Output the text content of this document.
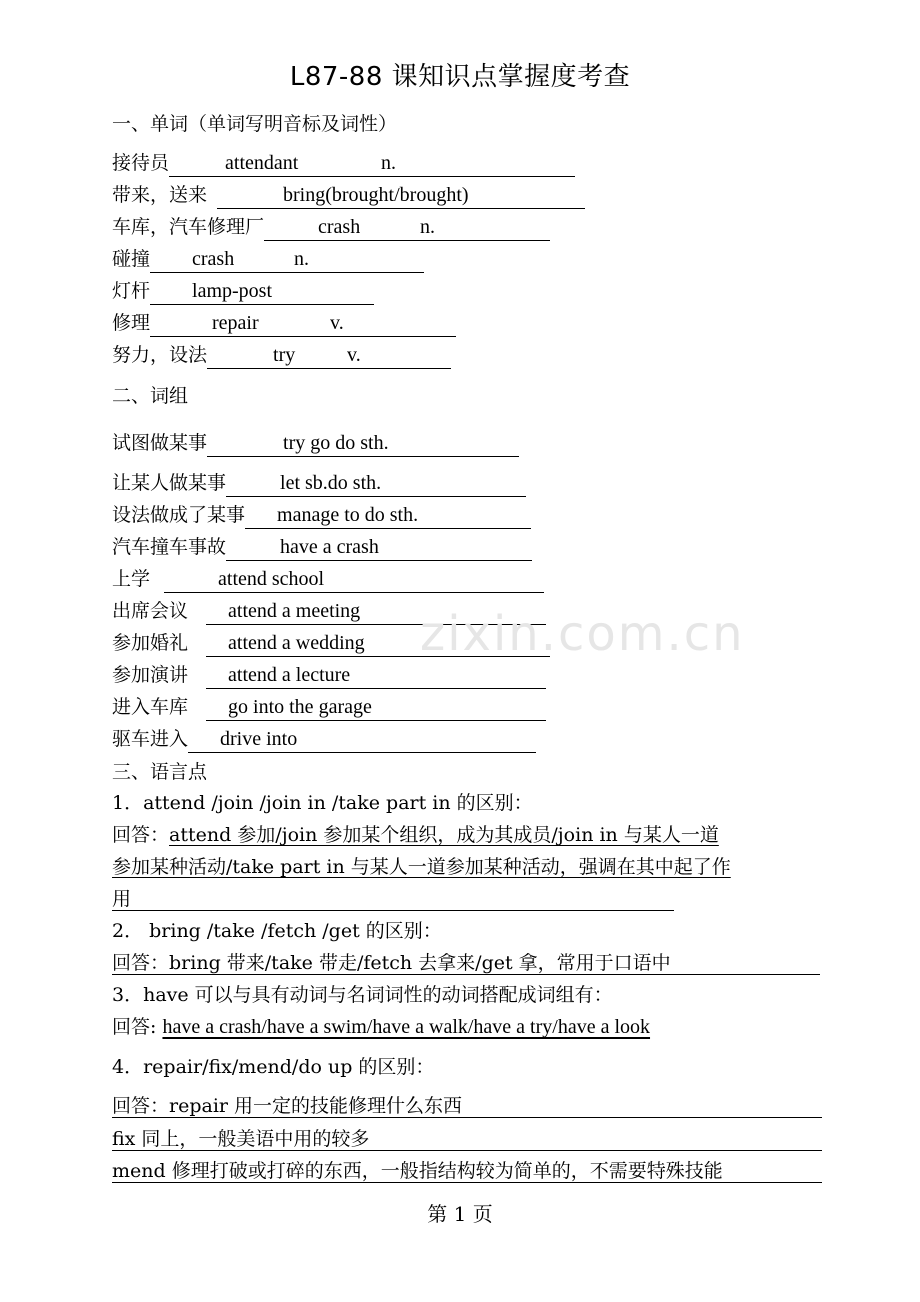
L87-88 课知识点掌握度考查
一、单词（单词写明音标及词性）
接待员	attendant	n.
带来，送来	bring(brought/brought)
车库，汽车修理厂	crash	n.
碰撞 crash	n.
灯杆 lamp-post
修理	repair	v.
努力，设法	try	v.
二、词组
试图做某事	try go do sth.
让某人做某事	let sb.do sth.
设法做成了某事 manage to do sth.
汽车撞车事故	have a crash
上学	attend school
出席会议 attend a meeting
参加婚礼 attend a wedding
参加演讲 attend a lecture
进入车库 go into the garage
驱车进入 drive into
三、语言点
1．attend /join /join in /take part in 的区别：
回答：attend 参加/join 参加某个组织，成为其成员/join in 与某人一道
参加某种活动/take part in 与某人一道参加某种活动，强调在其中起了作
用
2． bring /take /fetch /get 的区别：
回答：bring 带来/take 带走/fetch 去拿来/get 拿，常用于口语中
3．have 可以与具有动词与名词词性的动词搭配成词组有：
回答: have a crash/have a swim/have a walk/have a try/have a look
4．repair/fix/mend/do up 的区别：
回答：repair 用一定的技能修理什么东西
fix 同上，一般美语中用的较多
mend 修理打破或打碎的东西，一般指结构较为简单的，不需要特殊技能
zixin.com.cn
第 1 页
